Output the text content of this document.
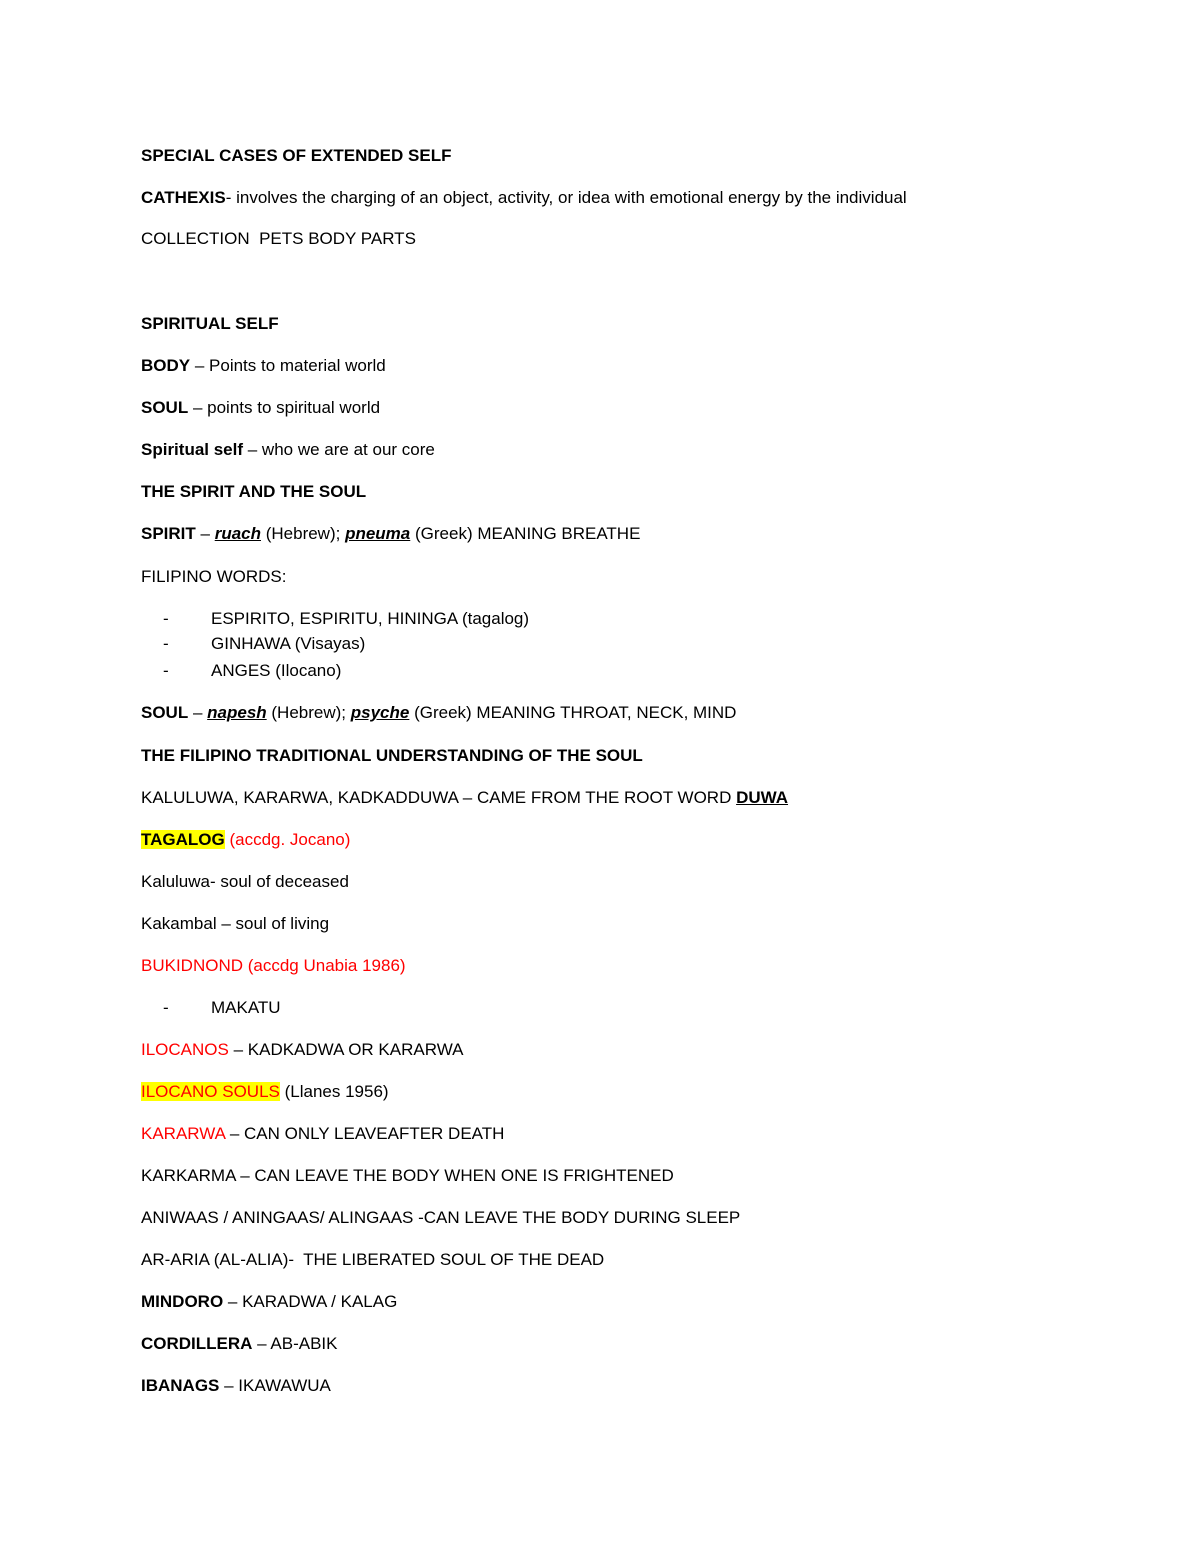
SPECIAL CASES OF EXTENDED SELF
CATHEXIS- involves the charging of an object, activity, or idea with emotional energy by the individual
COLLECTION  PETS BODY PARTS
SPIRITUAL SELF
BODY – Points to material world
SOUL – points to spiritual world
Spiritual self – who we are at our core
THE SPIRIT AND THE SOUL
SPIRIT – ruach (Hebrew); pneuma (Greek) MEANING BREATHE
FILIPINO WORDS:
- ESPIRITO, ESPIRITU, HININGA (tagalog)
- GINHAWA (Visayas)
- ANGES (Ilocano)
SOUL – napesh (Hebrew); psyche (Greek) MEANING THROAT, NECK, MIND
THE FILIPINO TRADITIONAL UNDERSTANDING OF THE SOUL
KALULUWA, KARARWA, KADKADDUWA – CAME FROM THE ROOT WORD DUWA
TAGALOG (accdg. Jocano)
Kaluluwa- soul of deceased
Kakambal – soul of living
BUKIDNOND (accdg Unabia 1986)
- MAKATU
ILOCANOS – KADKADWA OR KARARWA
ILOCANO SOULS (Llanes 1956)
KARARWA – CAN ONLY LEAVEAFTER DEATH
KARKARMA – CAN LEAVE THE BODY WHEN ONE IS FRIGHTENED
ANIWAAS / ANINGAAS/ ALINGAAS -CAN LEAVE THE BODY DURING SLEEP
AR-ARIA (AL-ALIA)-  THE LIBERATED SOUL OF THE DEAD
MINDORO – KARADWA / KALAG
CORDILLERA – AB-ABIK
IBANAGS – IKAWAWUA
